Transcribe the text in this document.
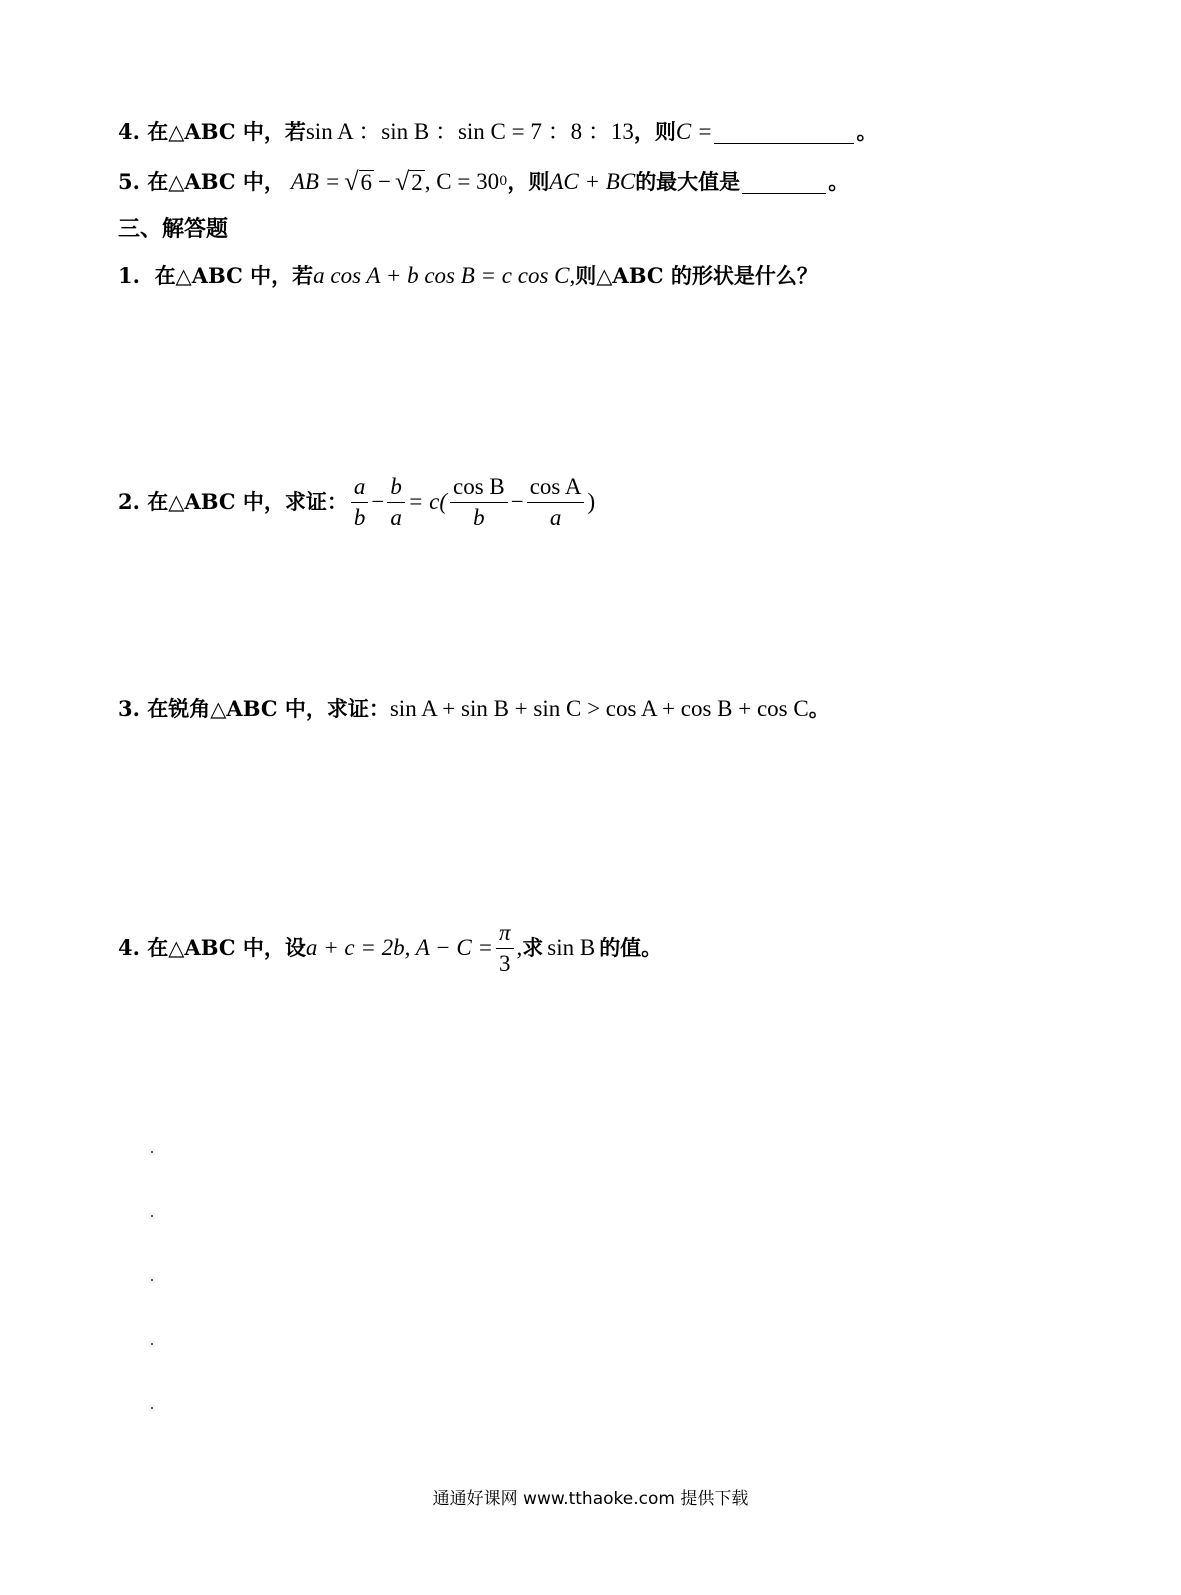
4 . 在△ABC 中，若 sin A ：sin B ：sin C = 7 ：8 ：13 ，则 C =	。
5 . 在△ABC 中， AB = √ 6 − √ 2 , C = 30 0 ，则 AC + BC 的最大值是	。
三、解答题
1 . 在△ABC 中，若 a cos A + b cos B = c cos C, 则△ABC 的形状是什么？
2 . 在△ABC 中，求证： $\frac{a}{b} - \frac{b}{a} = c( \frac{\text{cos B}}{b} - \frac{\text{cos A}}{a}$ )
3 . 在锐角△ABC 中，求证： sin A + sin B + sin C > cos A + cos B + cos C 。
4 . 在△ABC 中，设 a + c = 2b, $A - C = \frac{\pi}{3}$ , 求 sin B 的值。
通通好课网 www.tthaoke.com 提供下载
